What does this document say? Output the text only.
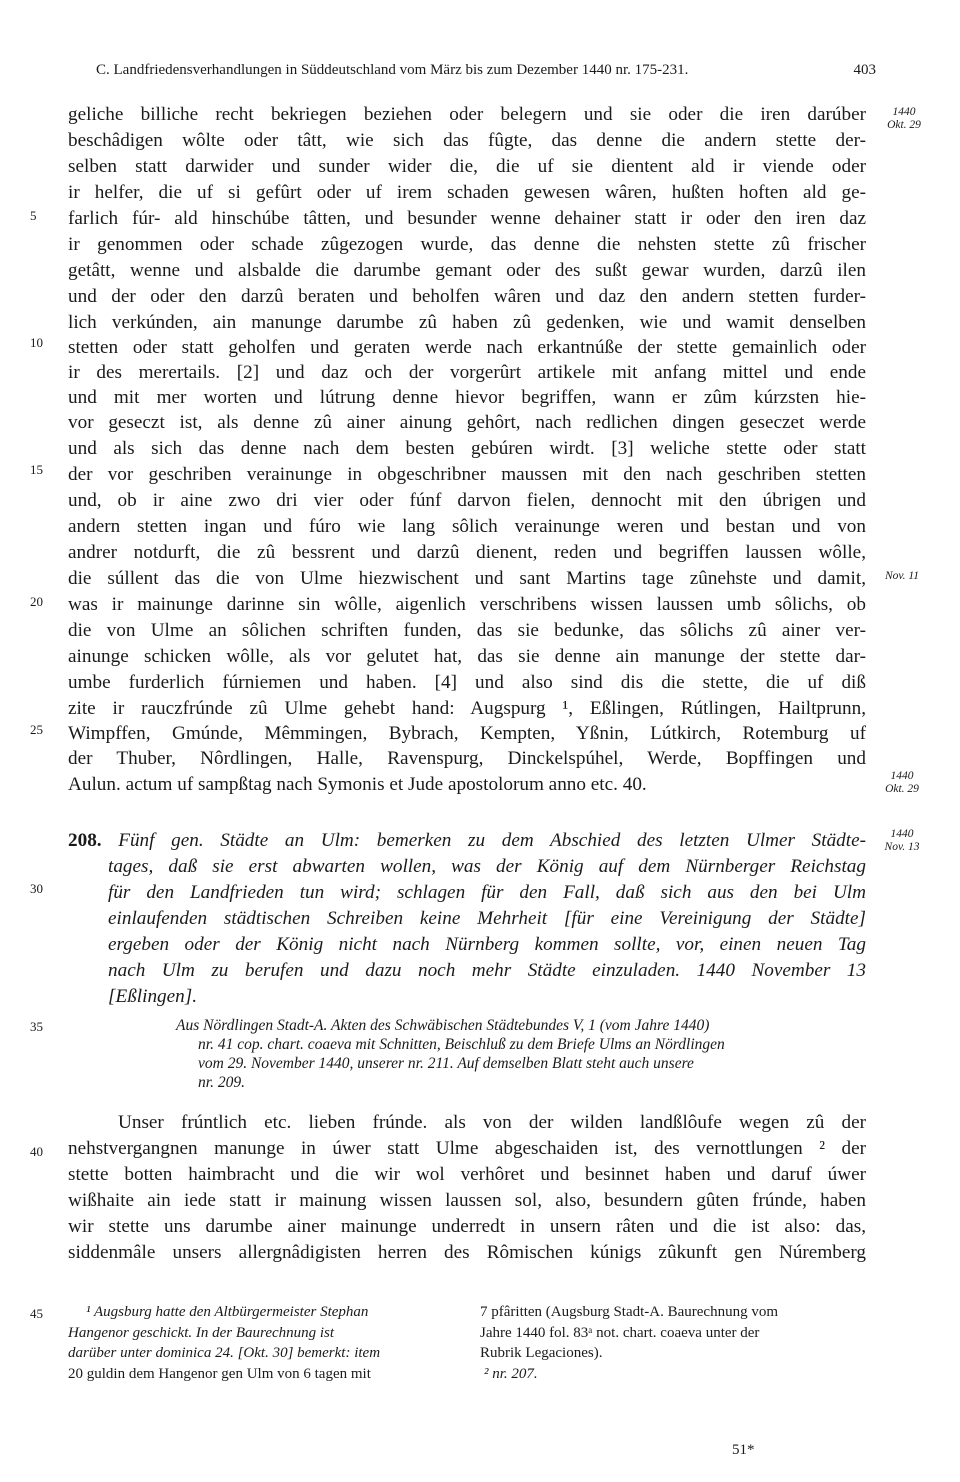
C. Landfriedensverhandlungen in Süddeutschland vom März bis zum Dezember 1440 nr. 175-231.	403
1440
Okt. 29
Nov. 11
1440
Okt. 29
1440
Nov. 13
5
10
15
20
25
30
35
40
45
geliche billiche recht bekriegen beziehen oder belegern und sie oder die iren darúber
beschâdigen wôlte oder tâtt, wie sich das fûgte, das denne die andern stette der-
selben statt darwider und sunder wider die, die uf sie dientent ald ir viende oder
ir helfer, die uf si gefûrt oder uf irem schaden gewesen wâren, hußten hoften ald ge-
farlich fúr- ald hinschúbe tâtten, und besunder wenne dehainer statt ir oder den iren daz
ir genommen oder schade zûgezogen wurde, das denne die nehsten stette zû frischer
getâtt, wenne und alsbalde die darumbe gemant oder des sußt gewar wurden, darzû ilen
und der oder den darzû beraten und beholfen wâren und daz den andern stetten furder-
lich verkúnden, ain manunge darumbe zû haben zû gedenken, wie und wamit denselben
stetten oder statt geholfen und geraten werde nach erkantnúße der stette gemainlich oder
ir des merertails. [2] und daz och der vorgerûrt artikele mit anfang mittel und ende
und mit mer worten und lútrung denne hievor begriffen, wann er zûm kúrzsten hie-
vor geseczt ist, als denne zû ainer ainung gehôrt, nach redlichen dingen geseczet werde
und als sich das denne nach dem besten gebúren wirdt. [3] weliche stette oder statt
der vor geschriben verainunge in obgeschribner maussen mit den nach geschriben stetten
und, ob ir aine zwo dri vier oder fúnf darvon fielen, dennocht mit den úbrigen und
andern stetten ingan und fúro wie lang sôlich verainunge weren und bestan und von
andrer notdurft, die zû bessrent und darzû dienent, reden und begriffen laussen wôlle,
die súllent das die von Ulme hiezwischent und sant Martins tage zûnehste und damit,
was ir mainunge darinne sin wôlle, aigenlich verschribens wissen laussen umb sôlichs, ob
die von Ulme an sôlichen schriften funden, das sie bedunke, das sôlichs zû ainer ver-
ainunge schicken wôlle, als vor gelutet hat, das sie denne ain manunge der stette dar-
umbe furderlich fúrniemen und haben. [4] und also sind dis die stette, die uf diß
zite ir rauczfrúnde zû Ulme gehebt hand: Augspurg ¹, Eßlingen, Rútlingen, Hailtprunn,
Wimpffen, Gmúnde, Mêmmingen, Bybrach, Kempten, Yßnin, Lútkirch, Rotemburg uf
der Thuber, Nôrdlingen, Halle, Ravenspurg, Dinckelspúhel, Werde, Bopffingen und
Aulun. actum uf sampßtag nach Symonis et Jude apostolorum anno etc. 40.
208. Fünf gen. Städte an Ulm: bemerken zu dem Abschied des letzten Ulmer Städte-
tages, daß sie erst abwarten wollen, was der König auf dem Nürnberger Reichstag
für den Landfrieden tun wird; schlagen für den Fall, daß sich aus den bei Ulm
einlaufenden städtischen Schreiben keine Mehrheit [für eine Vereinigung der Städte]
ergeben oder der König nicht nach Nürnberg kommen sollte, vor, einen neuen Tag
nach Ulm zu berufen und dazu noch mehr Städte einzuladen. 1440 November 13
[Eßlingen].
Aus Nördlingen Stadt-A. Akten des Schwäbischen Städtebundes V, 1 (vom Jahre 1440)
nr. 41 cop. chart. coaeva mit Schnitten, Beischluß zu dem Briefe Ulms an Nördlingen
vom 29. November 1440, unserer nr. 211. Auf demselben Blatt steht auch unsere
nr. 209.
Unser frúntlich etc. lieben frúnde. als von der wilden landßlôufe wegen zû der
nehstvergangnen manunge in úwer statt Ulme abgeschaiden ist, des vernottlungen ² der
stette botten haimbracht und die wir wol verhôret und besinnet haben und daruf úwer
wißhaite ain iede statt ir mainung wissen laussen sol, also, besundern gûten frúnde, haben
wir stette uns darumbe ainer mainunge underredt in unsern râten und die ist also: das,
siddenmâle unsers allergnâdigisten herren des Rômischen kúnigs zûkunft gen Núremberg
¹ Augsburg hatte den Altbürgermeister Stephan
Hangenor geschickt. In der Baurechnung ist
darüber unter dominica 24. [Okt. 30] bemerkt: item
20 guldin dem Hangenor gen Ulm von 6 tagen mit
7 pfâritten (Augsburg Stadt-A. Baurechnung vom
Jahre 1440 fol. 83ᵃ not. chart. coaeva unter der
Rubrik Legaciones).
² nr. 207.
51*
